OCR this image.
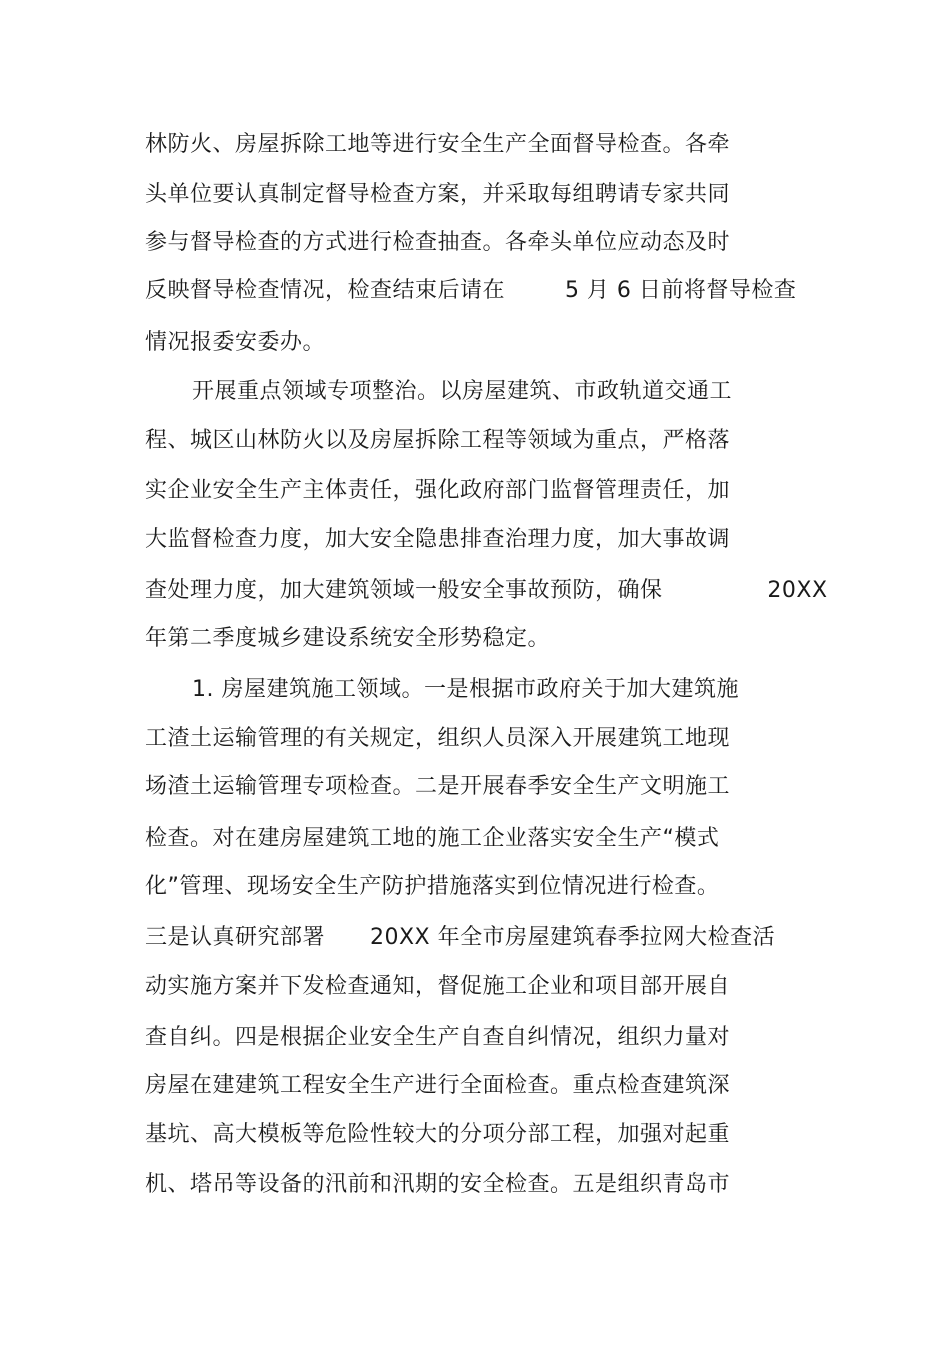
林防火、房屋拆除工地等进行安全生产全面督导检查。各牵
头单位要认真制定督导检查方案，并采取每组聘请专家共同
参与督导检查的方式进行检查抽查。各牵头单位应动态及时
反映督导检查情况，检查结束后请在        5 月 6 日前将督导检查
情况报委安委办。
开展重点领域专项整治。以房屋建筑、市政轨道交通工
程、城区山林防火以及房屋拆除工程等领域为重点，严格落
实企业安全生产主体责任，强化政府部门监督管理责任，加
大监督检查力度，加大安全隐患排查治理力度，加大事故调
查处理力度，加大建筑领域一般安全事故预防，确保              20XX
年第二季度城乡建设系统安全形势稳定。
1. 房屋建筑施工领域。一是根据市政府关于加大建筑施
工渣土运输管理的有关规定，组织人员深入开展建筑工地现
场渣土运输管理专项检查。二是开展春季安全生产文明施工
检查。对在建房屋建筑工地的施工企业落实安全生产“模式
化”管理、现场安全生产防护措施落实到位情况进行检查。
三是认真研究部署      20XX 年全市房屋建筑春季拉网大检查活
动实施方案并下发检查通知，督促施工企业和项目部开展自
查自纠。四是根据企业安全生产自查自纠情况，组织力量对
房屋在建建筑工程安全生产进行全面检查。重点检查建筑深
基坑、高大模板等危险性较大的分项分部工程，加强对起重
机、塔吊等设备的汛前和汛期的安全检查。五是组织青岛市
